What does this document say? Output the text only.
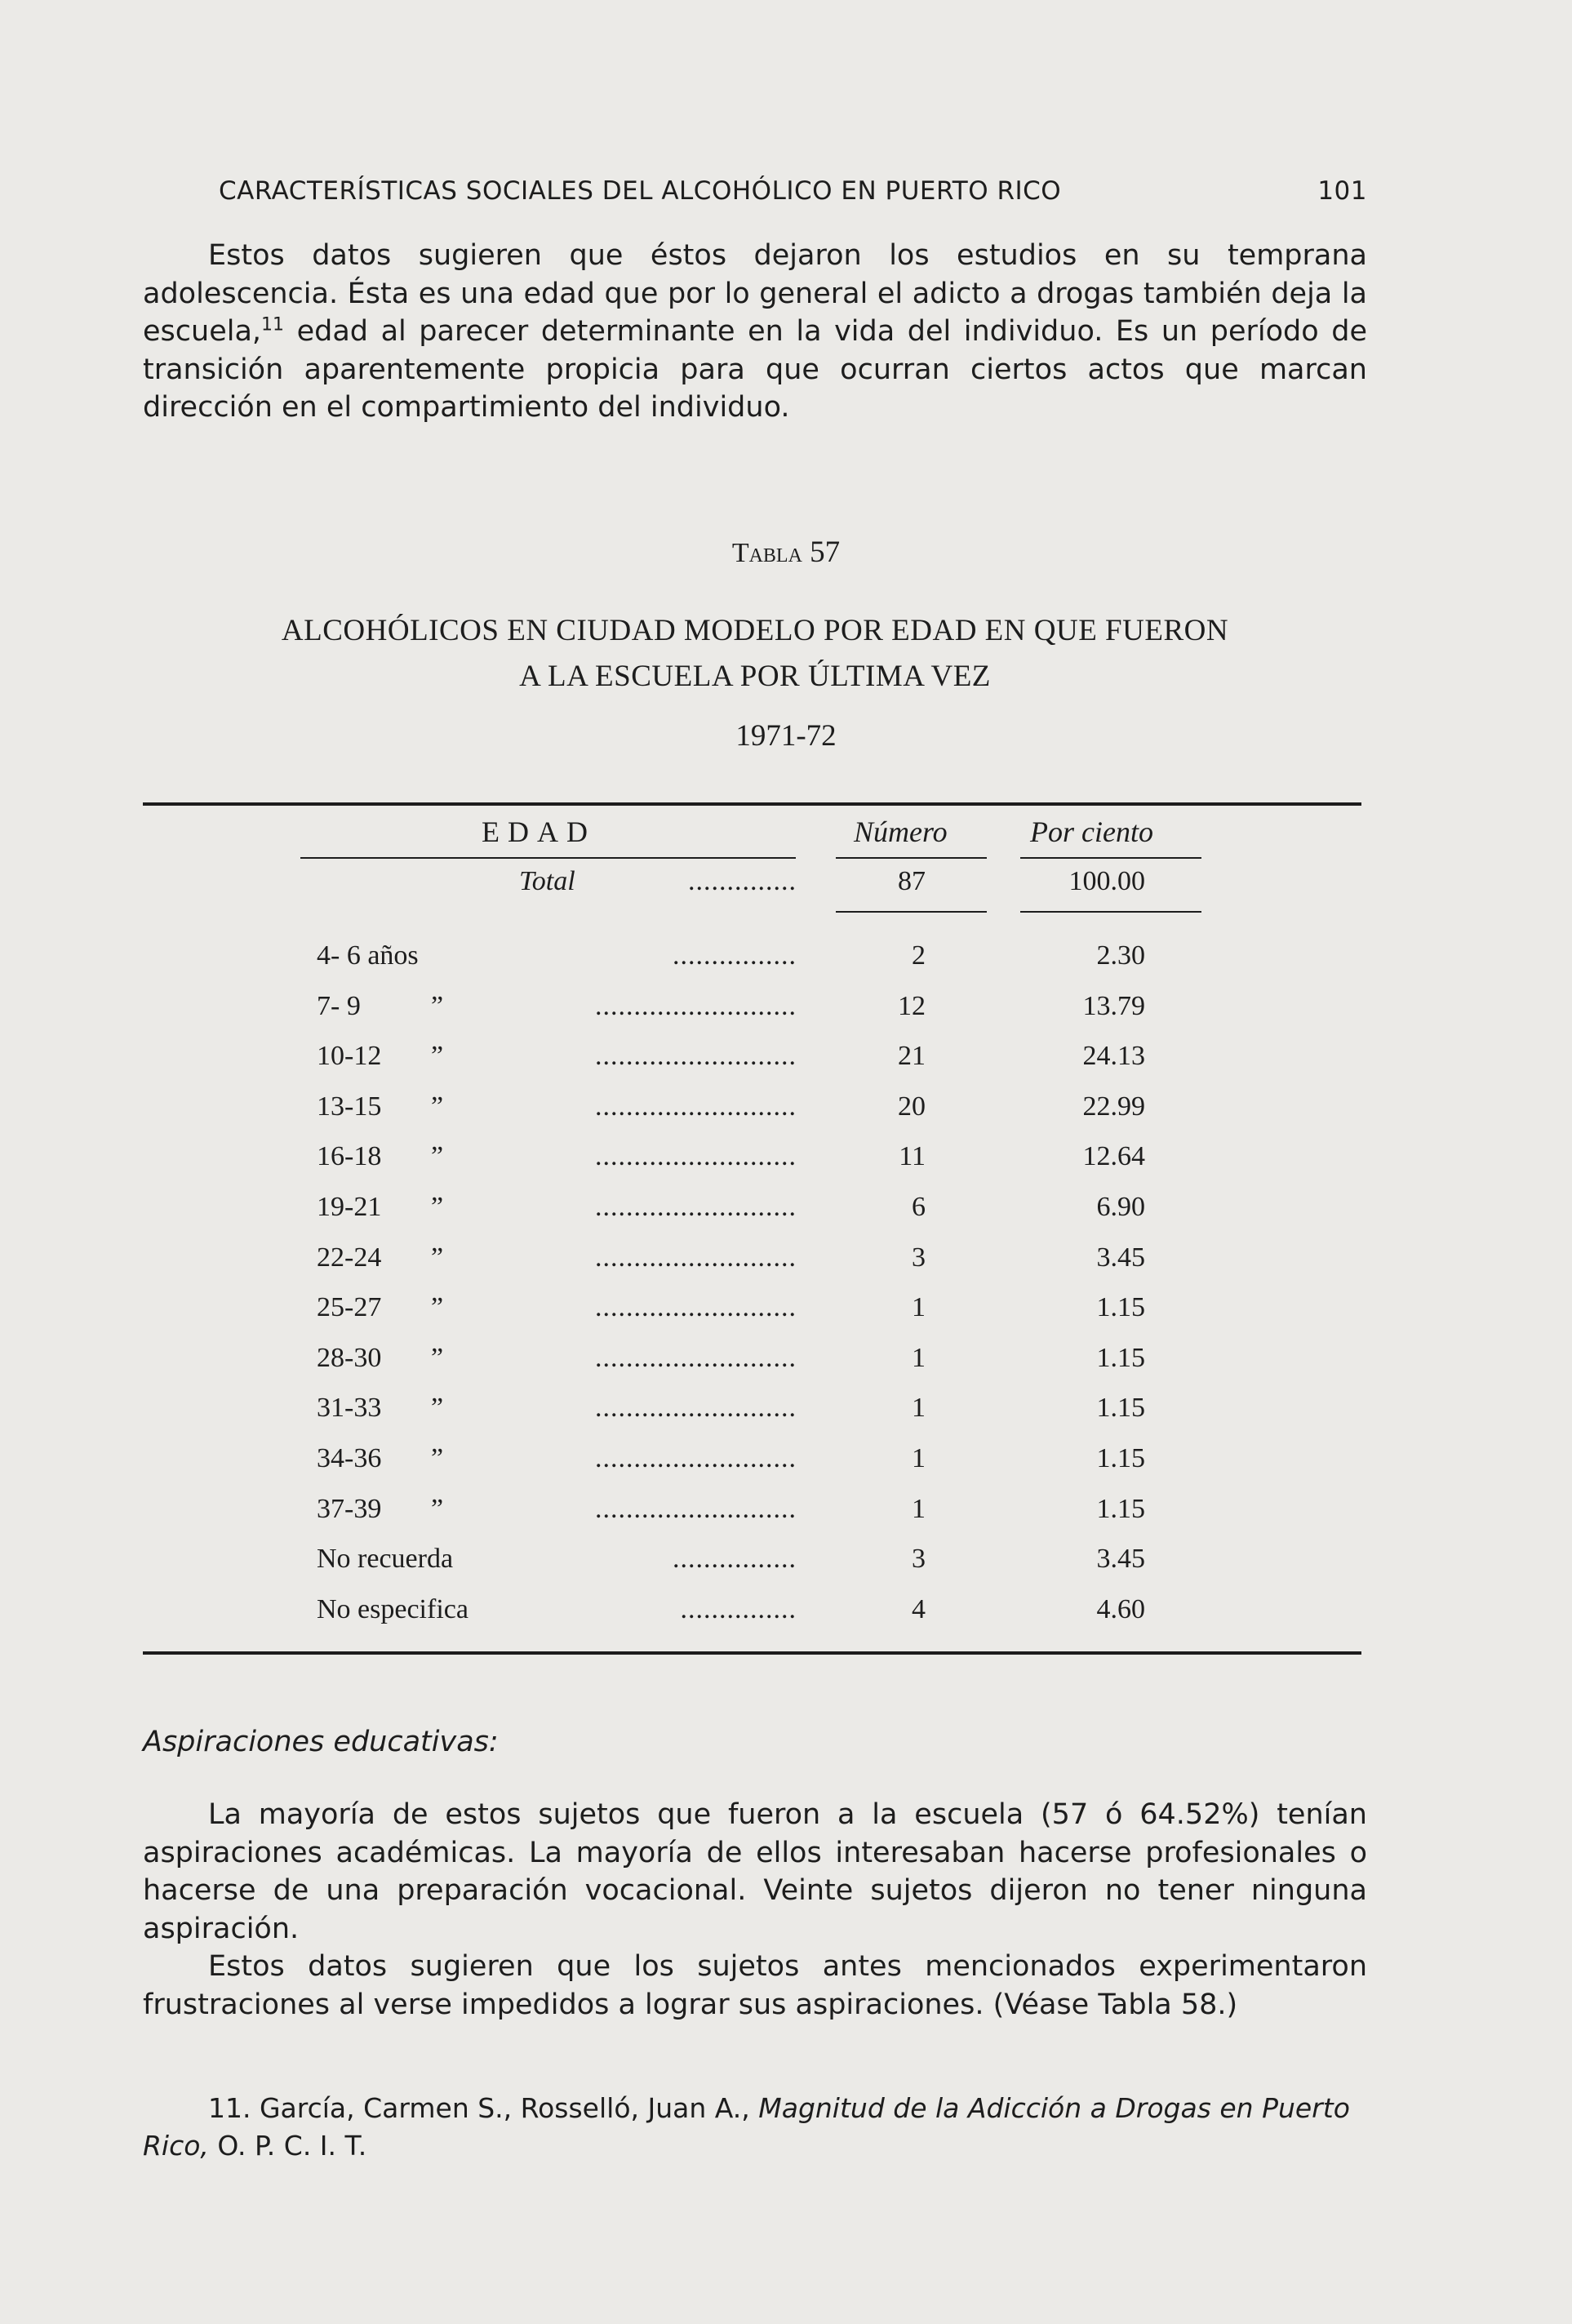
CARACTERÍSTICAS SOCIALES DEL ALCOHÓLICO EN PUERTO RICO	101

Estos datos sugieren que éstos dejaron los estudios en su temprana adolescencia. Ésta es una edad que por lo general el adicto a drogas también deja la escuela,$^{11}$ edad al parecer determinante en la vida del individuo. Es un período de transición aparentemente propicia para que ocurran ciertos actos que marcan dirección en el compartimiento del individuo.

Tabla 57
ALCOHÓLICOS EN CIUDAD MODELO POR EDAD EN QUE FUERON
A LA ESCUELA POR ÚLTIMA VEZ
1971-72
EDAD	Número	Por ciento
Total	..............	87	100.00
4- 6 años	................	2	2.30
7- 9	”	..........................	12	13.79
10-12 ”	..........................	21	24.13
13-15 ”	..........................	20	22.99
16-18 ”	..........................	11	12.64
19-21 ”	..........................	6	6.90
22-24 ”	..........................	3	3.45
25-27 ”	..........................	1	1.15
28-30 ”	..........................	1	1.15
31-33 ”	..........................	1	1.15
34-36 ”	..........................	1	1.15
37-39 ”	..........................	1	1.15
No recuerda	................	3	3.45
No especifica	...............	4	4.60
Aspiraciones educativas:

La mayoría de estos sujetos que fueron a la escuela (57 ó 64.52%) tenían aspiraciones académicas. La mayoría de ellos interesaban hacerse profesionales o hacerse de una preparación vocacional. Veinte sujetos dijeron no tener ninguna aspiración.

Estos datos sugieren que los sujetos antes mencionados experimentaron frustraciones al verse impedidos a lograr sus aspiraciones. (Véase Tabla 58.)

11. García, Carmen S., Rosselló, Juan A., Magnitud de la Adicción a Drogas en Puerto Rico, O. P. C. I. T.
